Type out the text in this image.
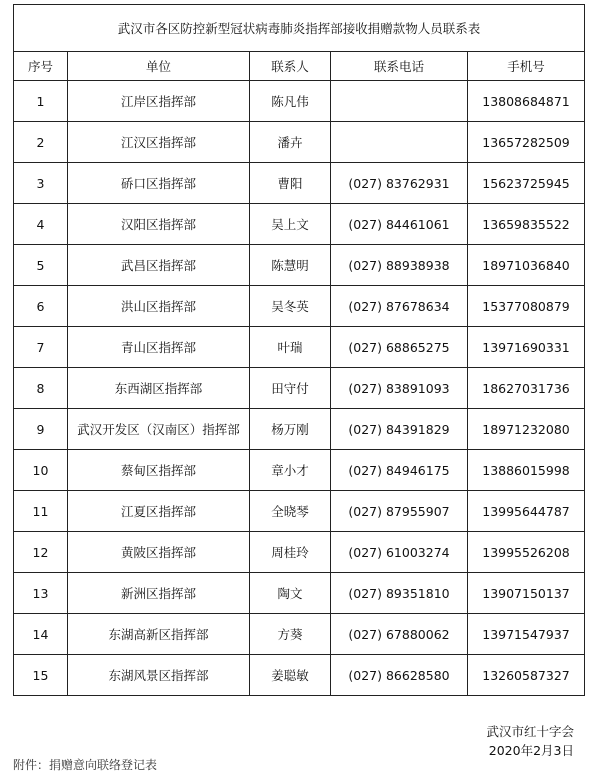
武汉市各区防控新型冠状病毒肺炎指挥部接收捐赠款物人员联系表				
序号	单位	联系人	联系电话	手机号
1	江岸区指挥部	陈凡伟		13808684871
2	江汉区指挥部	潘卉		13657282509
3	硚口区指挥部	曹阳	(027) 83762931	15623725945
4	汉阳区指挥部	吴上文	(027) 84461061	13659835522
5	武昌区指挥部	陈慧明	(027) 88938938	18971036840
6	洪山区指挥部	吴冬英	(027) 87678634	15377080879
7	青山区指挥部	叶瑞	(027) 68865275	13971690331
8	东西湖区指挥部	田守付	(027) 83891093	18627031736
9	武汉开发区（汉南区）指挥部	杨万刚	(027) 84391829	18971232080
10	蔡甸区指挥部	章小才	(027) 84946175	13886015998
11	江夏区指挥部	全晓琴	(027) 87955907	13995644787
12	黄陂区指挥部	周桂玲	(027) 61003274	13995526208
13	新洲区指挥部	陶文	(027) 89351810	13907150137
14	东湖高新区指挥部	方葵	(027) 67880062	13971547937
15	东湖风景区指挥部	姜聪敏	(027) 86628580	13260587327
武汉市红十字会
2020年2月3日
附件：捐赠意向联络登记表
